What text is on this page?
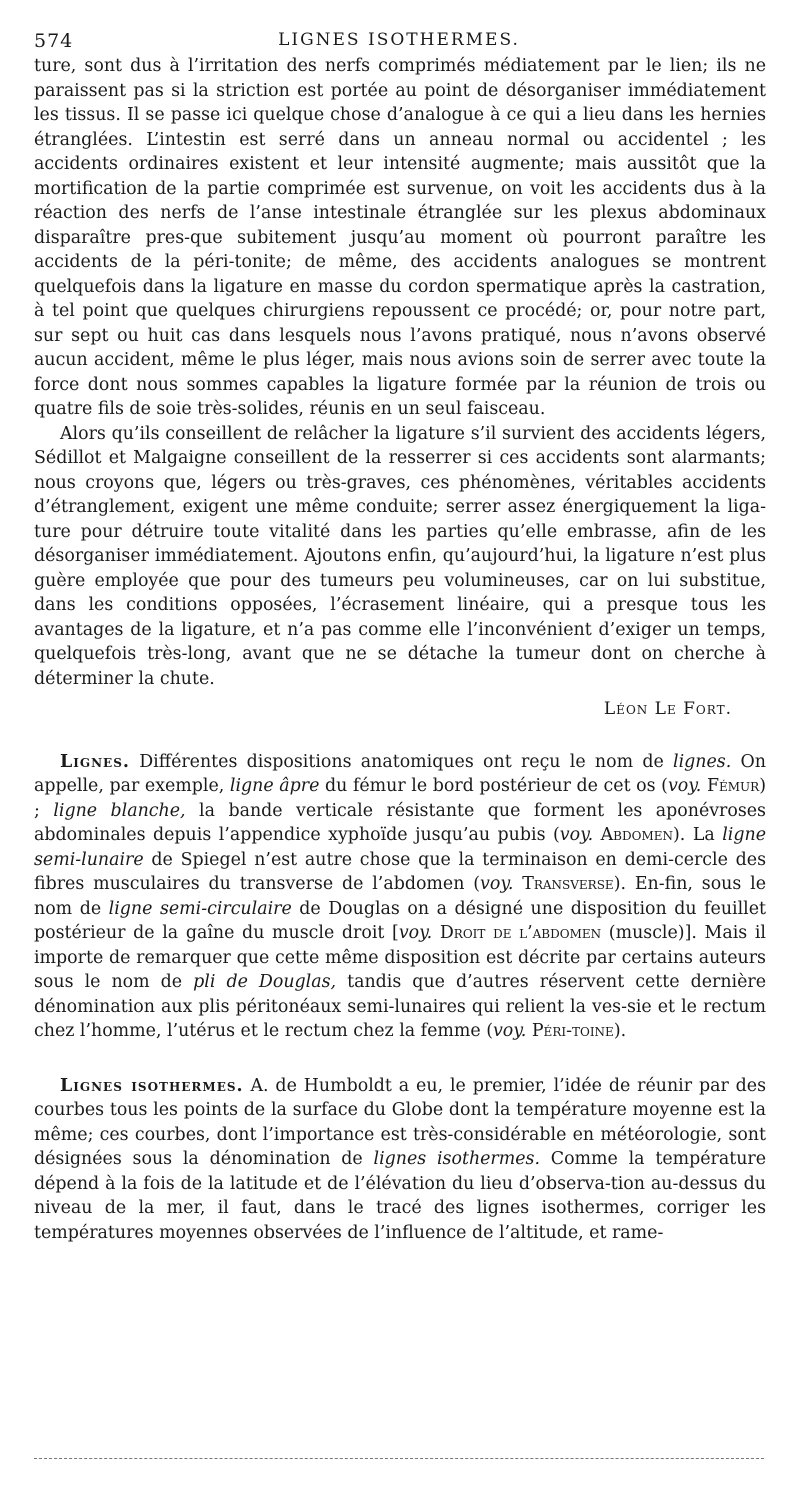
574	LIGNES ISOTHERMES.

ture, sont dus à l’irritation des nerfs comprimés médiatement par le lien; ils ne paraissent pas si la striction est portée au point de désorganiser immédiatement les tissus. Il se passe ici quelque chose d’analogue à ce qui a lieu dans les hernies étranglées. L’intestin est serré dans un anneau normal ou accidentel ; les accidents ordinaires existent et leur intensité augmente; mais aussitôt que la mortification de la partie comprimée est survenue, on voit les accidents dus à la réaction des nerfs de l’anse intestinale étranglée sur les plexus abdominaux disparaître pres-que subitement jusqu’au moment où pourront paraître les accidents de la péri-tonite; de même, des accidents analogues se montrent quelquefois dans la ligature en masse du cordon spermatique après la castration, à tel point que quelques chirurgiens repoussent ce procédé; or, pour notre part, sur sept ou huit cas dans lesquels nous l’avons pratiqué, nous n’avons observé aucun accident, même le plus léger, mais nous avions soin de serrer avec toute la force dont nous sommes capables la ligature formée par la réunion de trois ou quatre fils de soie très-solides, réunis en un seul faisceau.

Alors qu’ils conseillent de relâcher la ligature s’il survient des accidents légers, Sédillot et Malgaigne conseillent de la resserrer si ces accidents sont alarmants; nous croyons que, légers ou très-graves, ces phénomènes, véritables accidents d’étranglement, exigent une même conduite; serrer assez énergiquement la liga-ture pour détruire toute vitalité dans les parties qu’elle embrasse, afin de les désorganiser immédiatement. Ajoutons enfin, qu’aujourd’hui, la ligature n’est plus guère employée que pour des tumeurs peu volumineuses, car on lui substitue, dans les conditions opposées, l’écrasement linéaire, qui a presque tous les avantages de la ligature, et n’a pas comme elle l’inconvénient d’exiger un temps, quelquefois très-long, avant que ne se détache la tumeur dont on cherche à déterminer la chute.

Léon Le Fort.

Lignes. Différentes dispositions anatomiques ont reçu le nom de lignes. On appelle, par exemple, ligne âpre du fémur le bord postérieur de cet os (voy. Fémur) ; ligne blanche, la bande verticale résistante que forment les aponévroses abdominales depuis l’appendice xyphoïde jusqu’au pubis (voy. Abdomen). La ligne semi-lunaire de Spiegel n’est autre chose que la terminaison en demi-cercle des fibres musculaires du transverse de l’abdomen (voy. Transverse). En-fin, sous le nom de ligne semi-circulaire de Douglas on a désigné une disposition du feuillet postérieur de la gaîne du muscle droit [voy. Droit de l’abdomen (muscle)]. Mais il importe de remarquer que cette même disposition est décrite par certains auteurs sous le nom de pli de Douglas, tandis que d’autres réservent cette dernière dénomination aux plis péritonéaux semi-lunaires qui relient la ves-sie et le rectum chez l’homme, l’utérus et le rectum chez la femme (voy. Péri-toine).

Lignes isothermes. A. de Humboldt a eu, le premier, l’idée de réunir par des courbes tous les points de la surface du Globe dont la température moyenne est la même; ces courbes, dont l’importance est très-considérable en météorologie, sont désignées sous la dénomination de lignes isothermes. Comme la température dépend à la fois de la latitude et de l’élévation du lieu d’observa-tion au-dessus du niveau de la mer, il faut, dans le tracé des lignes isothermes, corriger les températures moyennes observées de l’influence de l’altitude, et rame-
